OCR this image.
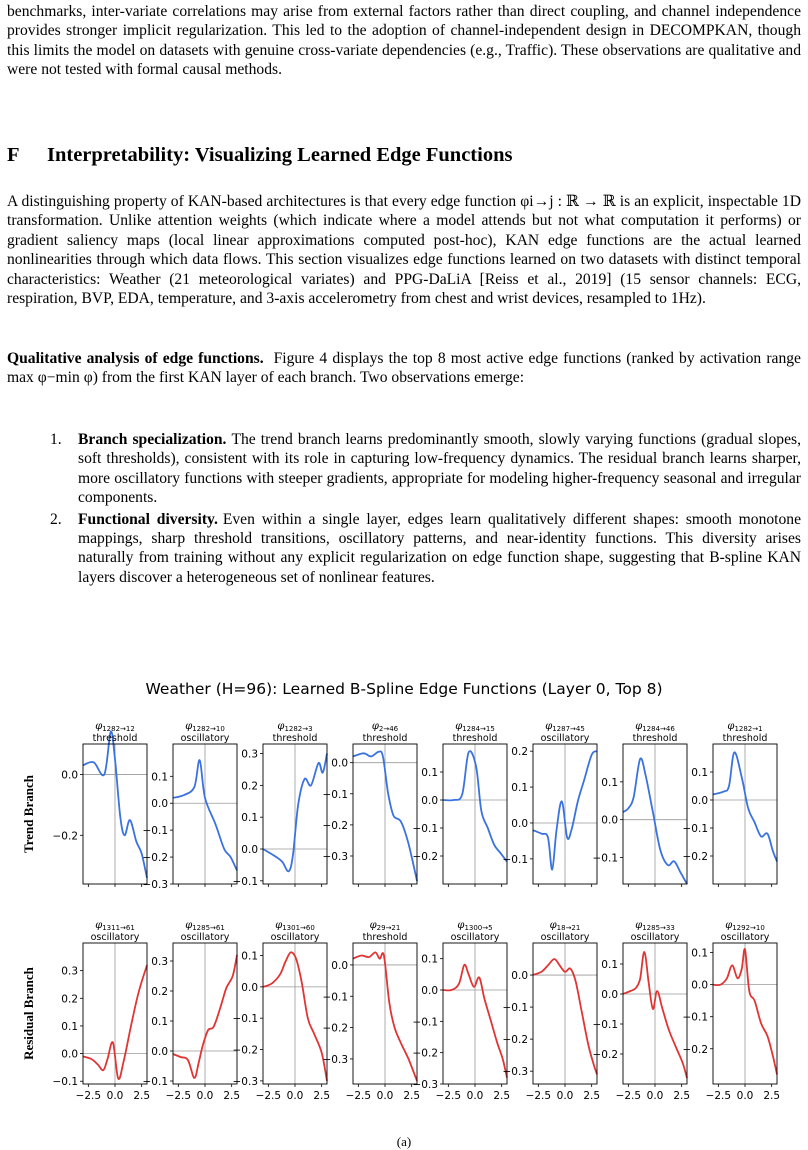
benchmarks, inter-variate correlations may arise from external factors rather than direct coupling, and channel independence provides stronger implicit regularization. This led to the adoption of channel-independent design in DECOMPKAN, though this limits the model on datasets with genuine cross-variate dependencies (e.g., Traffic). These observations are qualitative and were not tested with formal causal methods.
F Interpretability: Visualizing Learned Edge Functions
A distinguishing property of KAN-based architectures is that every edge function φi→j : ℝ → ℝ is an explicit, inspectable 1D transformation. Unlike attention weights (which indicate where a model attends but not what computation it performs) or gradient saliency maps (local linear approximations computed post-hoc), KAN edge functions are the actual learned nonlinearities through which data flows. This section visualizes edge functions learned on two datasets with distinct temporal characteristics: Weather (21 meteorological variates) and PPG-DaLiA [Reiss et al., 2019] (15 sensor channels: ECG, respiration, BVP, EDA, temperature, and 3-axis accelerometry from chest and wrist devices, resampled to 1Hz).
Qualitative analysis of edge functions. Figure 4 displays the top 8 most active edge functions (ranked by activation range max φ−min φ) from the first KAN layer of each branch. Two observations emerge:
1. Branch specialization. The trend branch learns predominantly smooth, slowly varying functions (gradual slopes, soft thresholds), consistent with its role in capturing low-frequency dynamics. The residual branch learns sharper, more oscillatory functions with steeper gradients, appropriate for modeling higher-frequency seasonal and irregular components.
2. Functional diversity. Even within a single layer, edges learn qualitatively different shapes: smooth monotone mappings, sharp threshold transitions, oscillatory patterns, and near-identity functions. This diversity arises naturally from training without any explicit regularization on edge function shape, suggesting that B-spline KAN layers discover a heterogeneous set of nonlinear features.
Weather (H=96): Learned B-Spline Edge Functions (Layer 0, Top 8)
Trend Branch
Residual Branch
0.0
−0.2
$\varphi_{1282\to 12}$
threshold
0.1
0.0
−0.1
−0.2
−0.3
$\varphi_{1282\to 10}$
oscillatory
0.3
0.2
0.1
0.0
−0.1
$\varphi_{1282\to 3}$
threshold
0.0
−0.1
−0.2
−0.3
$\varphi_{2\to 46}$
threshold
0.1
0.0
−0.1
−0.2
$\varphi_{1284\to 15}$
threshold
0.2
0.1
0.0
−0.1
$\varphi_{1287\to 45}$
oscillatory
0.1
0.0
−0.1
$\varphi_{1284\to 46}$
threshold
0.1
0.0
−0.1
−0.2
$\varphi_{1282\to 1}$
threshold
0.3
0.2
0.1
0.0
−0.1
−2.5 0.0 2.5
$\varphi_{1311\to 61}$
oscillatory
0.3
0.2
0.1
0.0
−0.1
−2.5 0.0 2.5
$\varphi_{1285\to 61}$
oscillatory
0.1
0.0
−0.1
−0.2
−0.3
−2.5 0.0 2.5
$\varphi_{1301\to 60}$
oscillatory
0.0
−0.1
−0.2
−0.3
−2.5 0.0 2.5
$\varphi_{29\to 21}$
threshold
0.1
0.0
−0.1
−0.2
−0.3
−2.5 0.0 2.5
$\varphi_{1300\to 5}$
oscillatory
0.0
−0.1
−0.2
−0.3
−2.5 0.0 2.5
$\varphi_{18\to 21}$
oscillatory
0.1
0.0
−0.1
−0.2
−2.5 0.0 2.5
$\varphi_{1285\to 33}$
oscillatory
0.1
0.0
−0.1
−0.2
−2.5 0.0 2.5
$\varphi_{1292\to 10}$
oscillatory
(a)
